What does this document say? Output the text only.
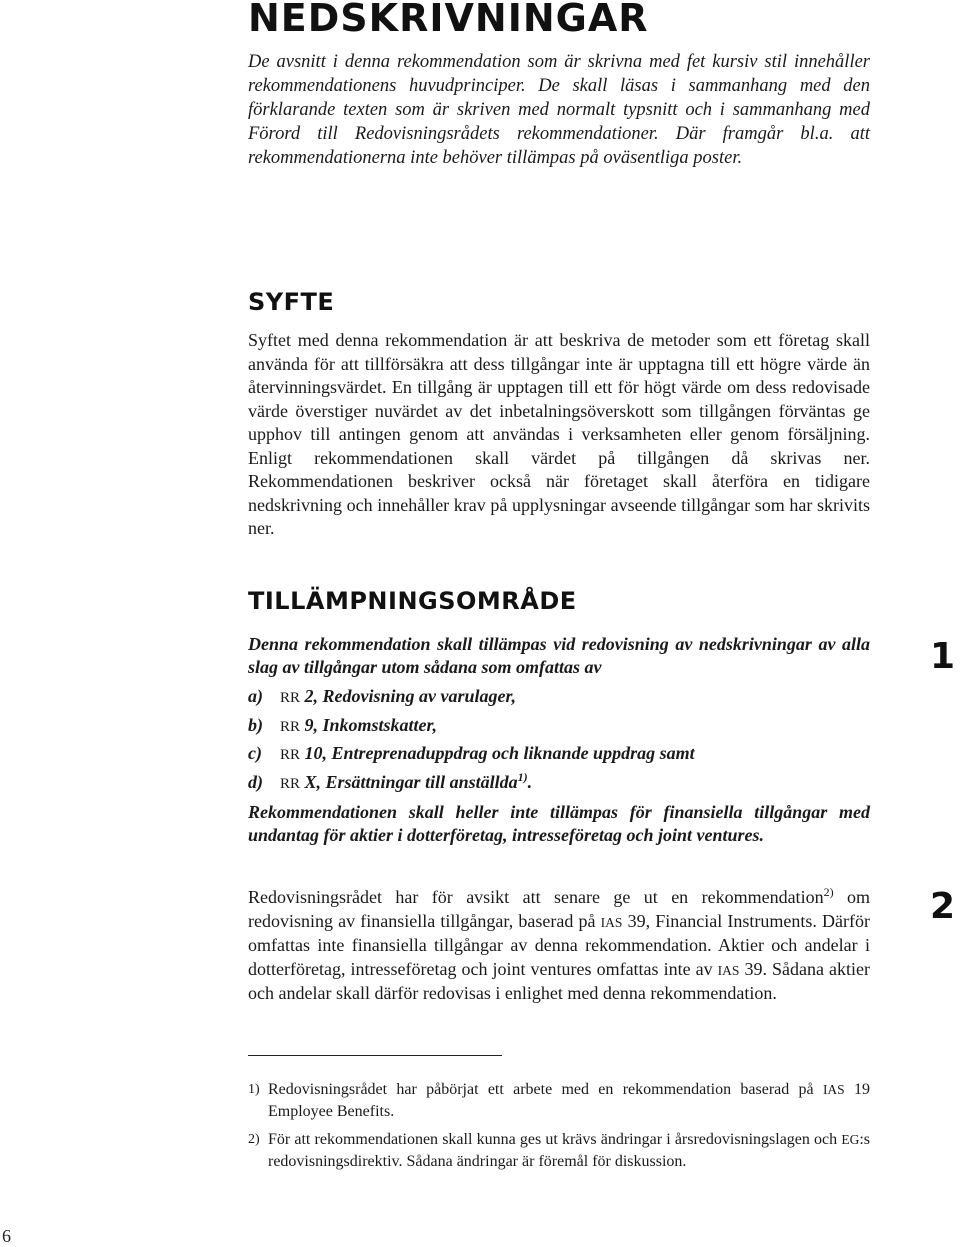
NEDSKRIVNINGAR

De avsnitt i denna rekommendation som är skrivna med fet kursiv stil innehåller rekommendationens huvudprinciper. De skall läsas i sammanhang med den förklarande texten som är skriven med normalt typsnitt och i sammanhang med Förord till Redovisningsrådets rekommendationer. Där framgår bl.a. att rekommendationerna inte behöver tillämpas på oväsentliga poster.

SYFTE

Syftet med denna rekommendation är att beskriva de metoder som ett företag skall använda för att tillförsäkra att dess tillgångar inte är upptagna till ett högre värde än återvinningsvärdet. En tillgång är upptagen till ett för högt värde om dess redovisade värde överstiger nuvärdet av det inbetalningsöverskott som tillgången förväntas ge upphov till antingen genom att användas i verksamheten eller genom försäljning. Enligt rekommendationen skall värdet på tillgången då skrivas ner. Rekommendationen beskriver också när företaget skall återföra en tidigare nedskrivning och innehåller krav på upplysningar avseende tillgångar som har skrivits ner.

TILLÄMPNINGSOMRÅDE

Denna rekommendation skall tillämpas vid redovisning av nedskrivningar av alla slag av tillgångar utom sådana som omfattas av

a) RR 2, Redovisning av varulager,

b) RR 9, Inkomstskatter,

c) RR 10, Entreprenaduppdrag och liknande uppdrag samt

d) RR X, Ersättningar till anställda$^{1)}$.

Rekommendationen skall heller inte tillämpas för finansiella tillgångar med undantag för aktier i dotterföretag, intresseföretag och joint ventures.

Redovisningsrådet har för avsikt att senare ge ut en rekommendation$^{2)}$ om redovisning av finansiella tillgångar, baserad på IAS 39, Financial Instruments. Därför omfattas inte finansiella tillgångar av denna rekommendation. Aktier och andelar i dotterföretag, intresseföretag och joint ventures omfattas inte av IAS 39. Sådana aktier och andelar skall därför redovisas i enlighet med denna rekommendation.

1

2

1) Redovisningsrådet har påbörjat ett arbete med en rekommendation baserad på IAS 19 Employee Benefits.

2) För att rekommendationen skall kunna ges ut krävs ändringar i årsredovisningslagen och EG:s redovisningsdirektiv. Sådana ändringar är föremål för diskussion.

6
